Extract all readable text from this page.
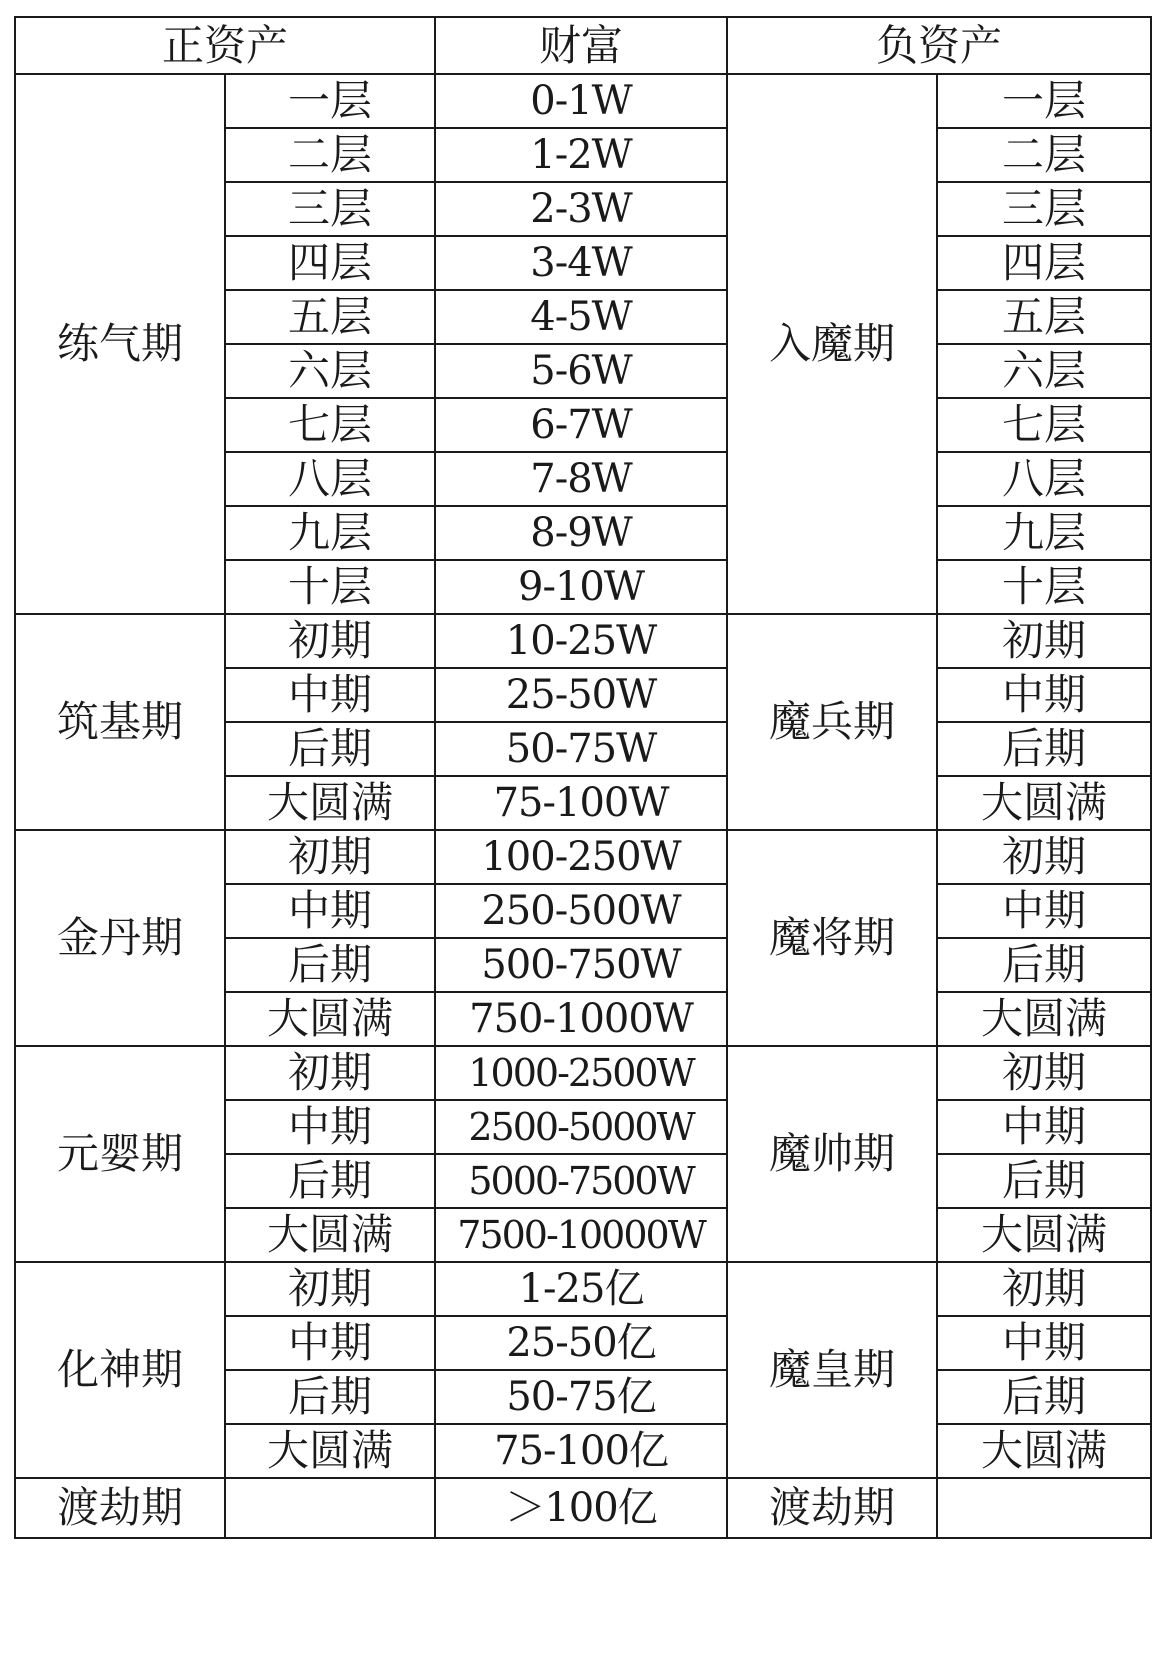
正资产		财富	负资产	
练气期	一层	0-1W	入魔期	一层
	二层	1-2W		二层
	三层	2-3W		三层
	四层	3-4W		四层
	五层	4-5W		五层
	六层	5-6W		六层
	七层	6-7W		七层
	八层	7-8W		八层
	九层	8-9W		九层
	十层	9-10W		十层
筑基期	初期	10-25W	魔兵期	初期
	中期	25-50W		中期
	后期	50-75W		后期
	大圆满	75-100W		大圆满
金丹期	初期	100-250W	魔将期	初期
	中期	250-500W		中期
	后期	500-750W		后期
	大圆满	750-1000W		大圆满
元婴期	初期	1000-2500W	魔帅期	初期
	中期	2500-5000W		中期
	后期	5000-7500W		后期
	大圆满	7500-10000W		大圆满
化神期	初期	1-25亿	魔皇期	初期
	中期	25-50亿		中期
	后期	50-75亿		后期
	大圆满	75-100亿		大圆满
渡劫期		＞100亿	渡劫期	
